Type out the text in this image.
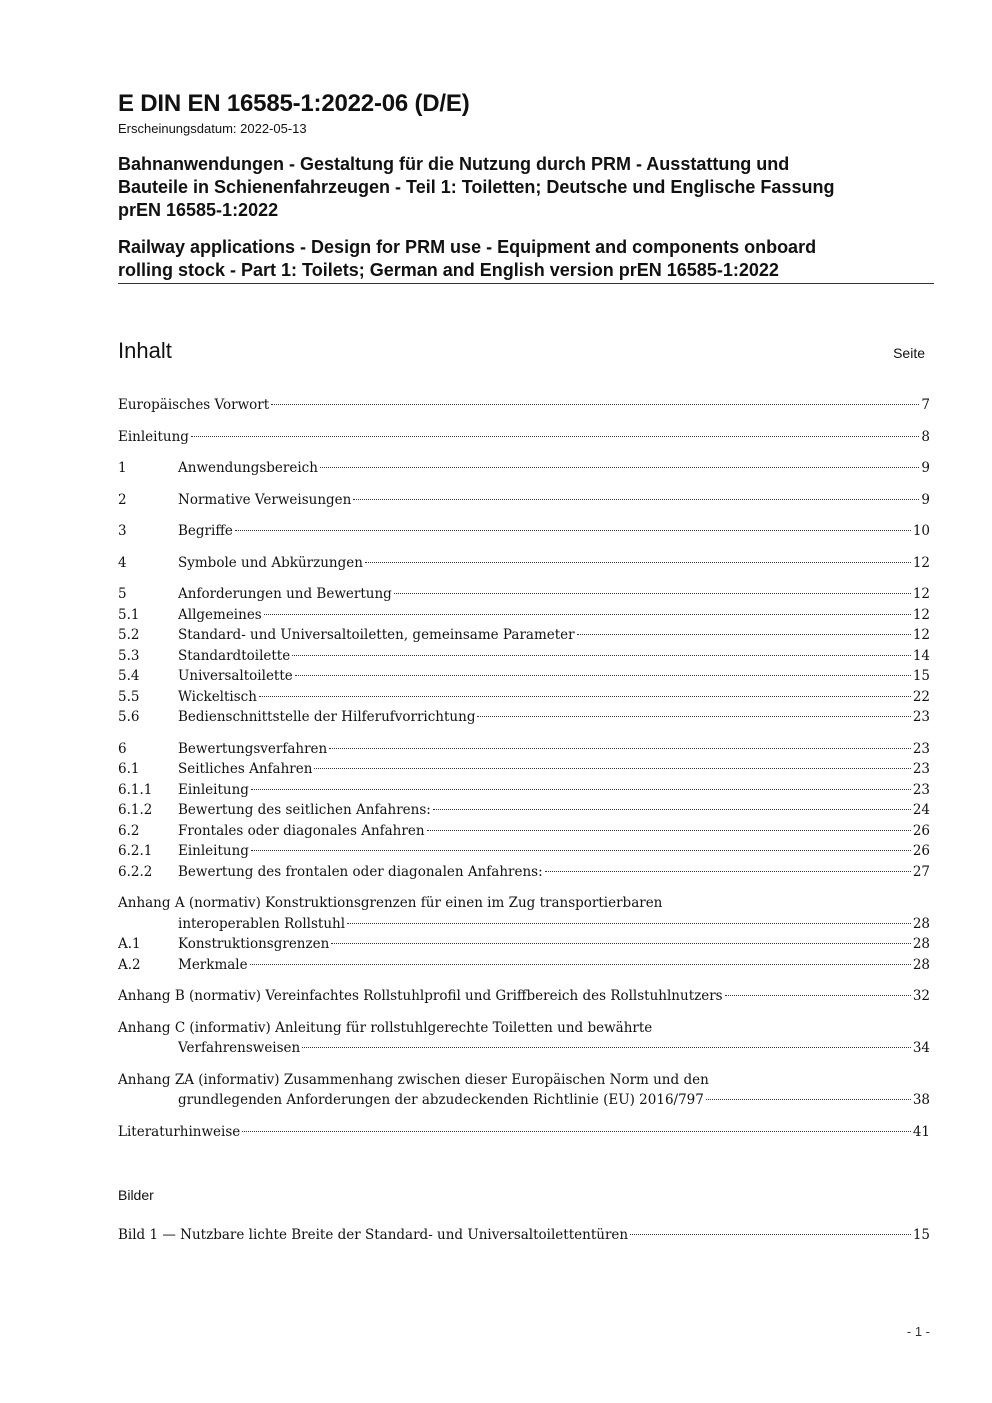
E DIN EN 16585-1:2022-06 (D/E)
Erscheinungsdatum: 2022-05-13
Bahnanwendungen - Gestaltung für die Nutzung durch PRM - Ausstattung und
Bauteile in Schienenfahrzeugen - Teil 1: Toiletten; Deutsche und Englische Fassung
prEN 16585-1:2022
Railway applications - Design for PRM use - Equipment and components onboard
rolling stock - Part 1: Toilets; German and English version prEN 16585-1:2022
Inhalt	Seite
Europäisches Vorwort	7
Einleitung	8
1	Anwendungsbereich	9
2	Normative Verweisungen	9
3	Begriffe	10
4	Symbole und Abkürzungen	12
5	Anforderungen und Bewertung	12
5.1	Allgemeines	12
5.2	Standard- und Universaltoiletten, gemeinsame Parameter	12
5.3	Standardtoilette	14
5.4	Universaltoilette	15
5.5	Wickeltisch	22
5.6	Bedienschnittstelle der Hilferufvorrichtung	23
6	Bewertungsverfahren	23
6.1	Seitliches Anfahren	23
6.1.1	Einleitung	23
6.1.2	Bewertung des seitlichen Anfahrens:	24
6.2	Frontales oder diagonales Anfahren	26
6.2.1	Einleitung	26
6.2.2	Bewertung des frontalen oder diagonalen Anfahrens:	27
Anhang A (normativ) Konstruktionsgrenzen für einen im Zug transportierbaren
interoperablen Rollstuhl	28
A.1	Konstruktionsgrenzen	28
A.2	Merkmale	28
Anhang B (normativ) Vereinfachtes Rollstuhlprofil und Griffbereich des Rollstuhlnutzers	32
Anhang C (informativ) Anleitung für rollstuhlgerechte Toiletten und bewährte
Verfahrensweisen	34
Anhang ZA (informativ) Zusammenhang zwischen dieser Europäischen Norm und den
grundlegenden Anforderungen der abzudeckenden Richtlinie (EU) 2016/797	38
Literaturhinweise	41
Bilder
Bild 1 — Nutzbare lichte Breite der Standard- und Universaltoilettentüren	15
- 1 -
